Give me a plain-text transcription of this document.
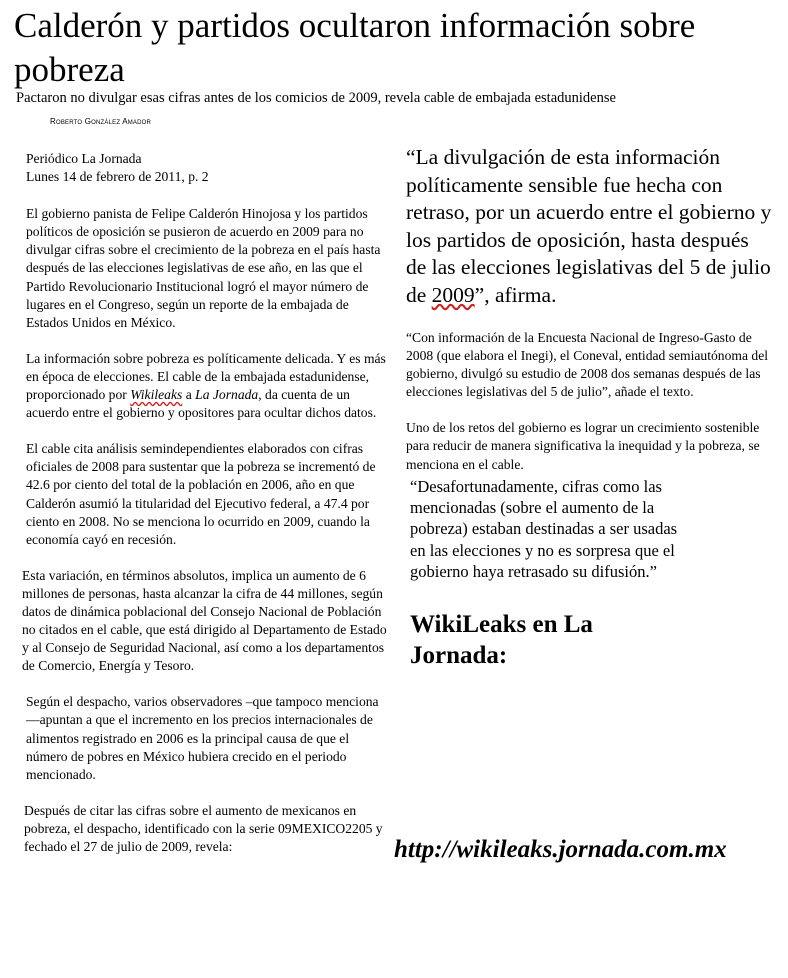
Calderón y partidos ocultaron información sobre pobreza

Pactaron no divulgar esas cifras antes de los comicios de 2009, revela cable de embajada estadunidense

Roberto González Amador

Periódico La Jornada
Lunes 14 de febrero de 2011, p. 2

El gobierno panista de Felipe Calderón Hinojosa y los partidos políticos de oposición se pusieron de acuerdo en 2009 para no divulgar cifras sobre el crecimiento de la pobreza en el país hasta después de las elecciones legislativas de ese año, en las que el Partido Revolucionario Institucional logró el mayor número de lugares en el Congreso, según un reporte de la embajada de Estados Unidos en México.

La información sobre pobreza es políticamente delicada. Y es más en época de elecciones. El cable de la embajada estadunidense, proporcionado por Wikileaks a La Jornada, da cuenta de un acuerdo entre el gobierno y opositores para ocultar dichos datos.

El cable cita análisis semindependientes elaborados con cifras oficiales de 2008 para sustentar que la pobreza se incrementó de 42.6 por ciento del total de la población en 2006, año en que Calderón asumió la titularidad del Ejecutivo federal, a 47.4 por ciento en 2008. No se menciona lo ocurrido en 2009, cuando la economía cayó en recesión.

Esta variación, en términos absolutos, implica un aumento de 6 millones de personas, hasta alcanzar la cifra de 44 millones, según datos de dinámica poblacional del Consejo Nacional de Población no citados en el cable, que está dirigido al Departamento de Estado y al Consejo de Seguridad Nacional, así como a los departamentos de Comercio, Energía y Tesoro.

Según el despacho, varios observadores –que tampoco menciona—apuntan a que el incremento en los precios internacionales de alimentos registrado en 2006 es la principal causa de que el número de pobres en México hubiera crecido en el periodo mencionado.

Después de citar las cifras sobre el aumento de mexicanos en pobreza, el despacho, identificado con la serie 09MEXICO2205 y fechado el 27 de julio de 2009, revela:

“La divulgación de esta información políticamente sensible fue hecha con retraso, por un acuerdo entre el gobierno y los partidos de oposición, hasta después de las elecciones legislativas del 5 de julio de 2009”, afirma.

“Con información de la Encuesta Nacional de Ingreso-Gasto de 2008 (que elabora el Inegi), el Coneval, entidad semiautónoma del gobierno, divulgó su estudio de 2008 dos semanas después de las elecciones legislativas del 5 de julio”, añade el texto.

Uno de los retos del gobierno es lograr un crecimiento sostenible para reducir de manera significativa la inequidad y la pobreza, se menciona en el cable.

“Desafortunadamente, cifras como las mencionadas (sobre el aumento de la pobreza) estaban destinadas a ser usadas en las elecciones y no es sorpresa que el gobierno haya retrasado su difusión.”

WikiLeaks en La Jornada:

http://wikileaks.jornada.com.mx
